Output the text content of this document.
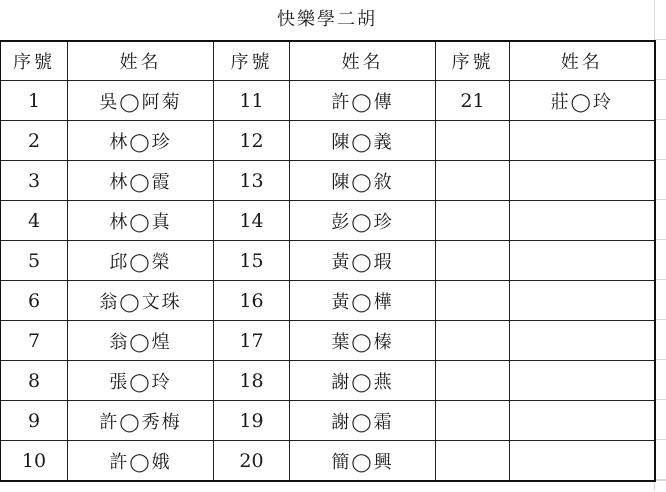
快樂學二胡
序號	姓名	序號	姓名	序號	姓名
1	吳◯阿菊	11	許◯傳	21	莊◯玲
2	林◯珍	12	陳◯義		
3	林◯霞	13	陳◯敘		
4	林◯真	14	彭◯珍		
5	邱◯榮	15	黃◯瑕		
6	翁◯文珠	16	黃◯樺		
7	翁◯煌	17	葉◯榛		
8	張◯玲	18	謝◯燕		
9	許◯秀梅	19	謝◯霜		
10	許◯娥	20	簡◯興		
